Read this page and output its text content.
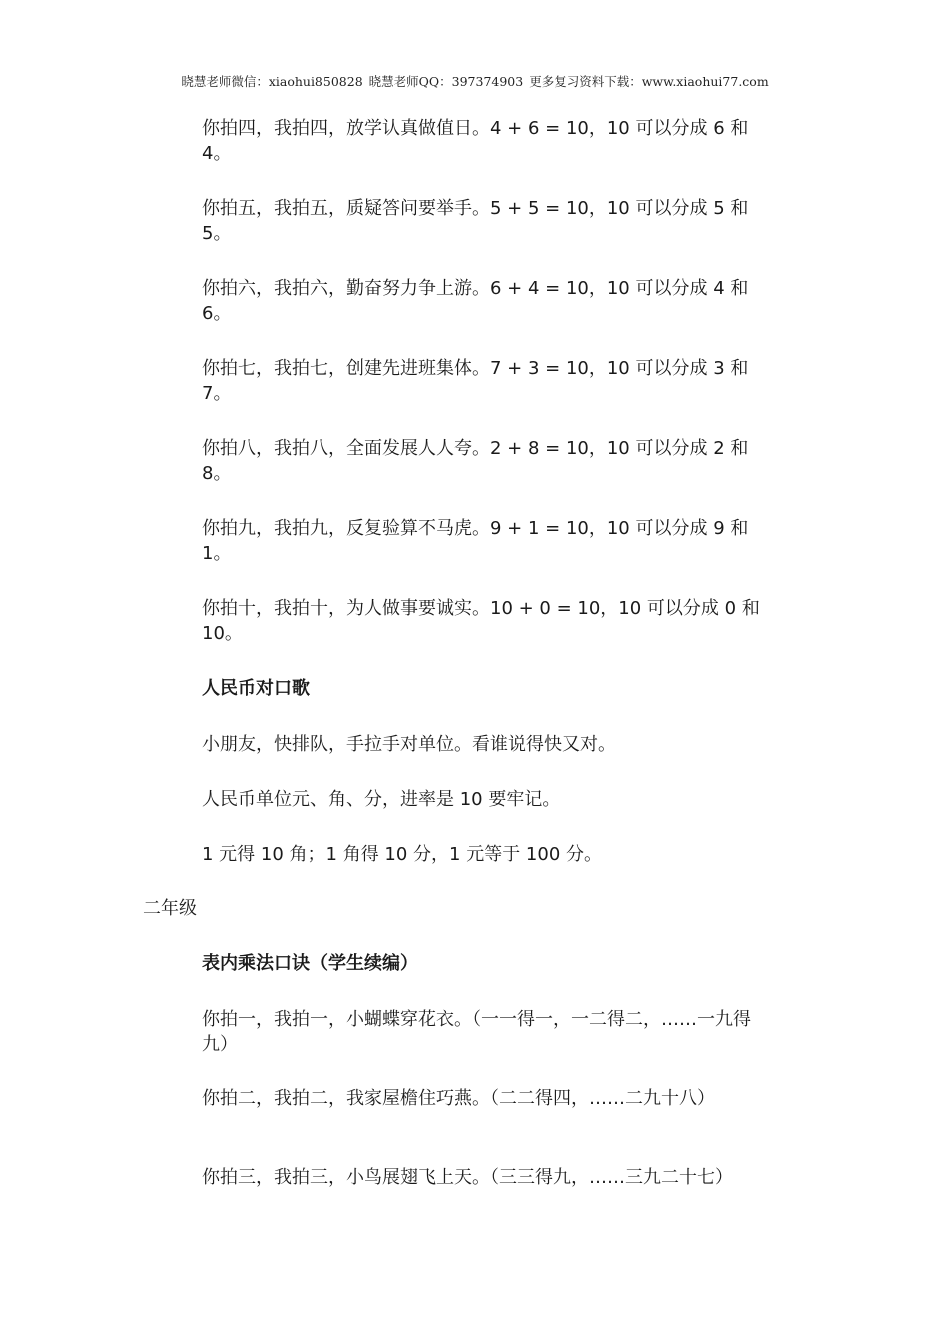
晓慧老师微信：xiaohui850828 晓慧老师QQ：397374903 更多复习资料下载：www.xiaohui77.com

你拍四，我拍四，放学认真做值日。4 + 6 = 10，10 可以分成 6 和 4。

你拍五，我拍五，质疑答问要举手。5 + 5 = 10，10 可以分成 5 和 5。

你拍六，我拍六，勤奋努力争上游。6 + 4 = 10，10 可以分成 4 和 6。

你拍七，我拍七，创建先进班集体。7 + 3 = 10，10 可以分成 3 和 7。

你拍八，我拍八，全面发展人人夸。2 + 8 = 10，10 可以分成 2 和 8。

你拍九，我拍九，反复验算不马虎。9 + 1 = 10，10 可以分成 9 和 1。

你拍十，我拍十，为人做事要诚实。10 + 0 = 10，10 可以分成 0 和 10。

人民币对口歌

小朋友，快排队，手拉手对单位。看谁说得快又对。

人民币单位元、角、分，进率是 10 要牢记。

1 元得 10 角；1 角得 10 分，1 元等于 100 分。

二年级

表内乘法口诀（学生续编）

你拍一，我拍一，小蝴蝶穿花衣。（一一得一，一二得二，……一九得九）

你拍二，我拍二，我家屋檐住巧燕。（二二得四，……二九十八）

你拍三，我拍三，小鸟展翅飞上天。（三三得九，……三九二十七）
